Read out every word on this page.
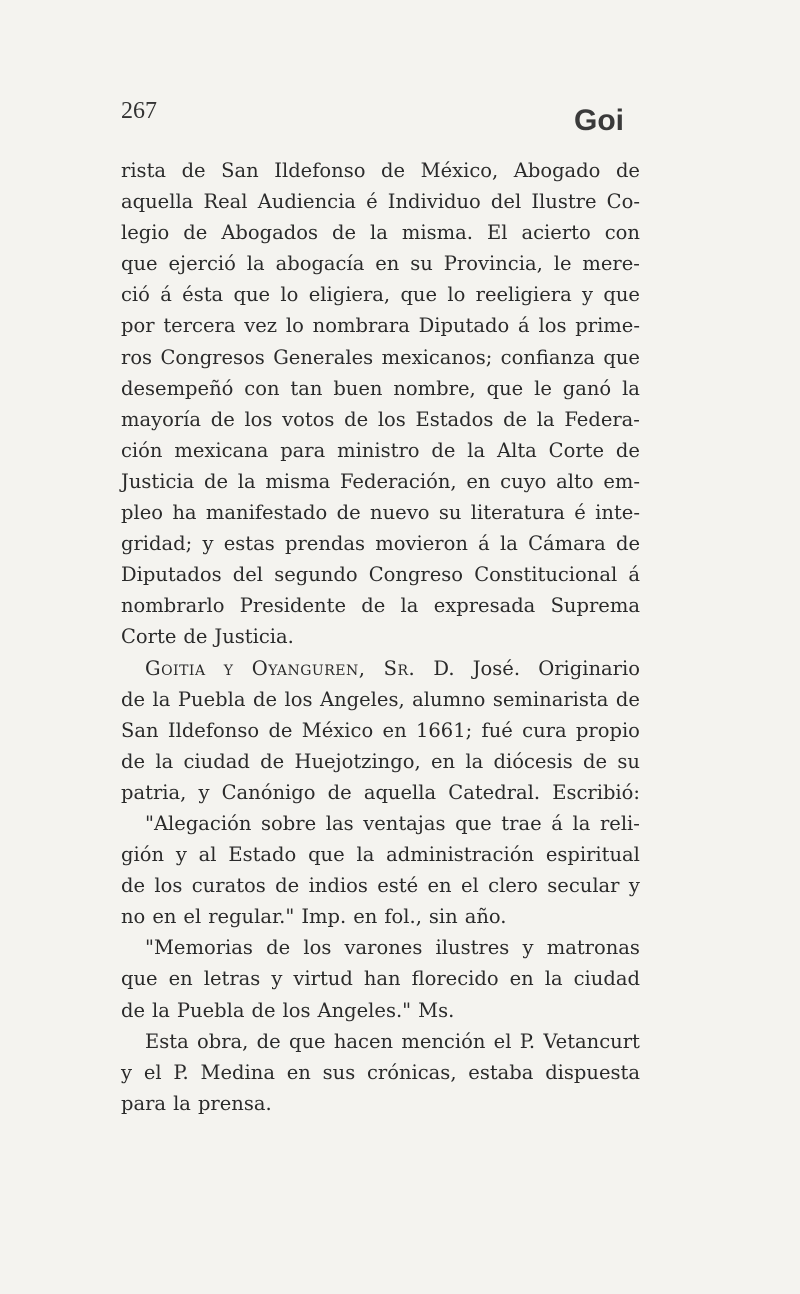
267	Goi
rista de San Ildefonso de México, Abogado de
aquella Real Audiencia é Individuo del Ilustre Co-
legio de Abogados de la misma. El acierto con
que ejerció la abogacía en su Provincia, le mere-
ció á ésta que lo eligiera, que lo reeligiera y que
por tercera vez lo nombrara Diputado á los prime-
ros Congresos Generales mexicanos; confianza que
desempeñó con tan buen nombre, que le ganó la
mayoría de los votos de los Estados de la Federa-
ción mexicana para ministro de la Alta Corte de
Justicia de la misma Federación, en cuyo alto em-
pleo ha manifestado de nuevo su literatura é inte-
gridad; y estas prendas movieron á la Cámara de
Diputados del segundo Congreso Constitucional á
nombrarlo Presidente de la expresada Suprema
Corte de Justicia.
Goitia y Oyanguren, Sr. D. José. Originario
de la Puebla de los Angeles, alumno seminarista de
San Ildefonso de México en 1661; fué cura propio
de la ciudad de Huejotzingo, en la diócesis de su
patria, y Canónigo de aquella Catedral. Escribió:
"Alegación sobre las ventajas que trae á la reli-
gión y al Estado que la administración espiritual
de los curatos de indios esté en el clero secular y
no en el regular." Imp. en fol., sin año.
"Memorias de los varones ilustres y matronas
que en letras y virtud han florecido en la ciudad
de la Puebla de los Angeles." Ms.
Esta obra, de que hacen mención el P. Vetancurt
y el P. Medina en sus crónicas, estaba dispuesta
para la prensa.
